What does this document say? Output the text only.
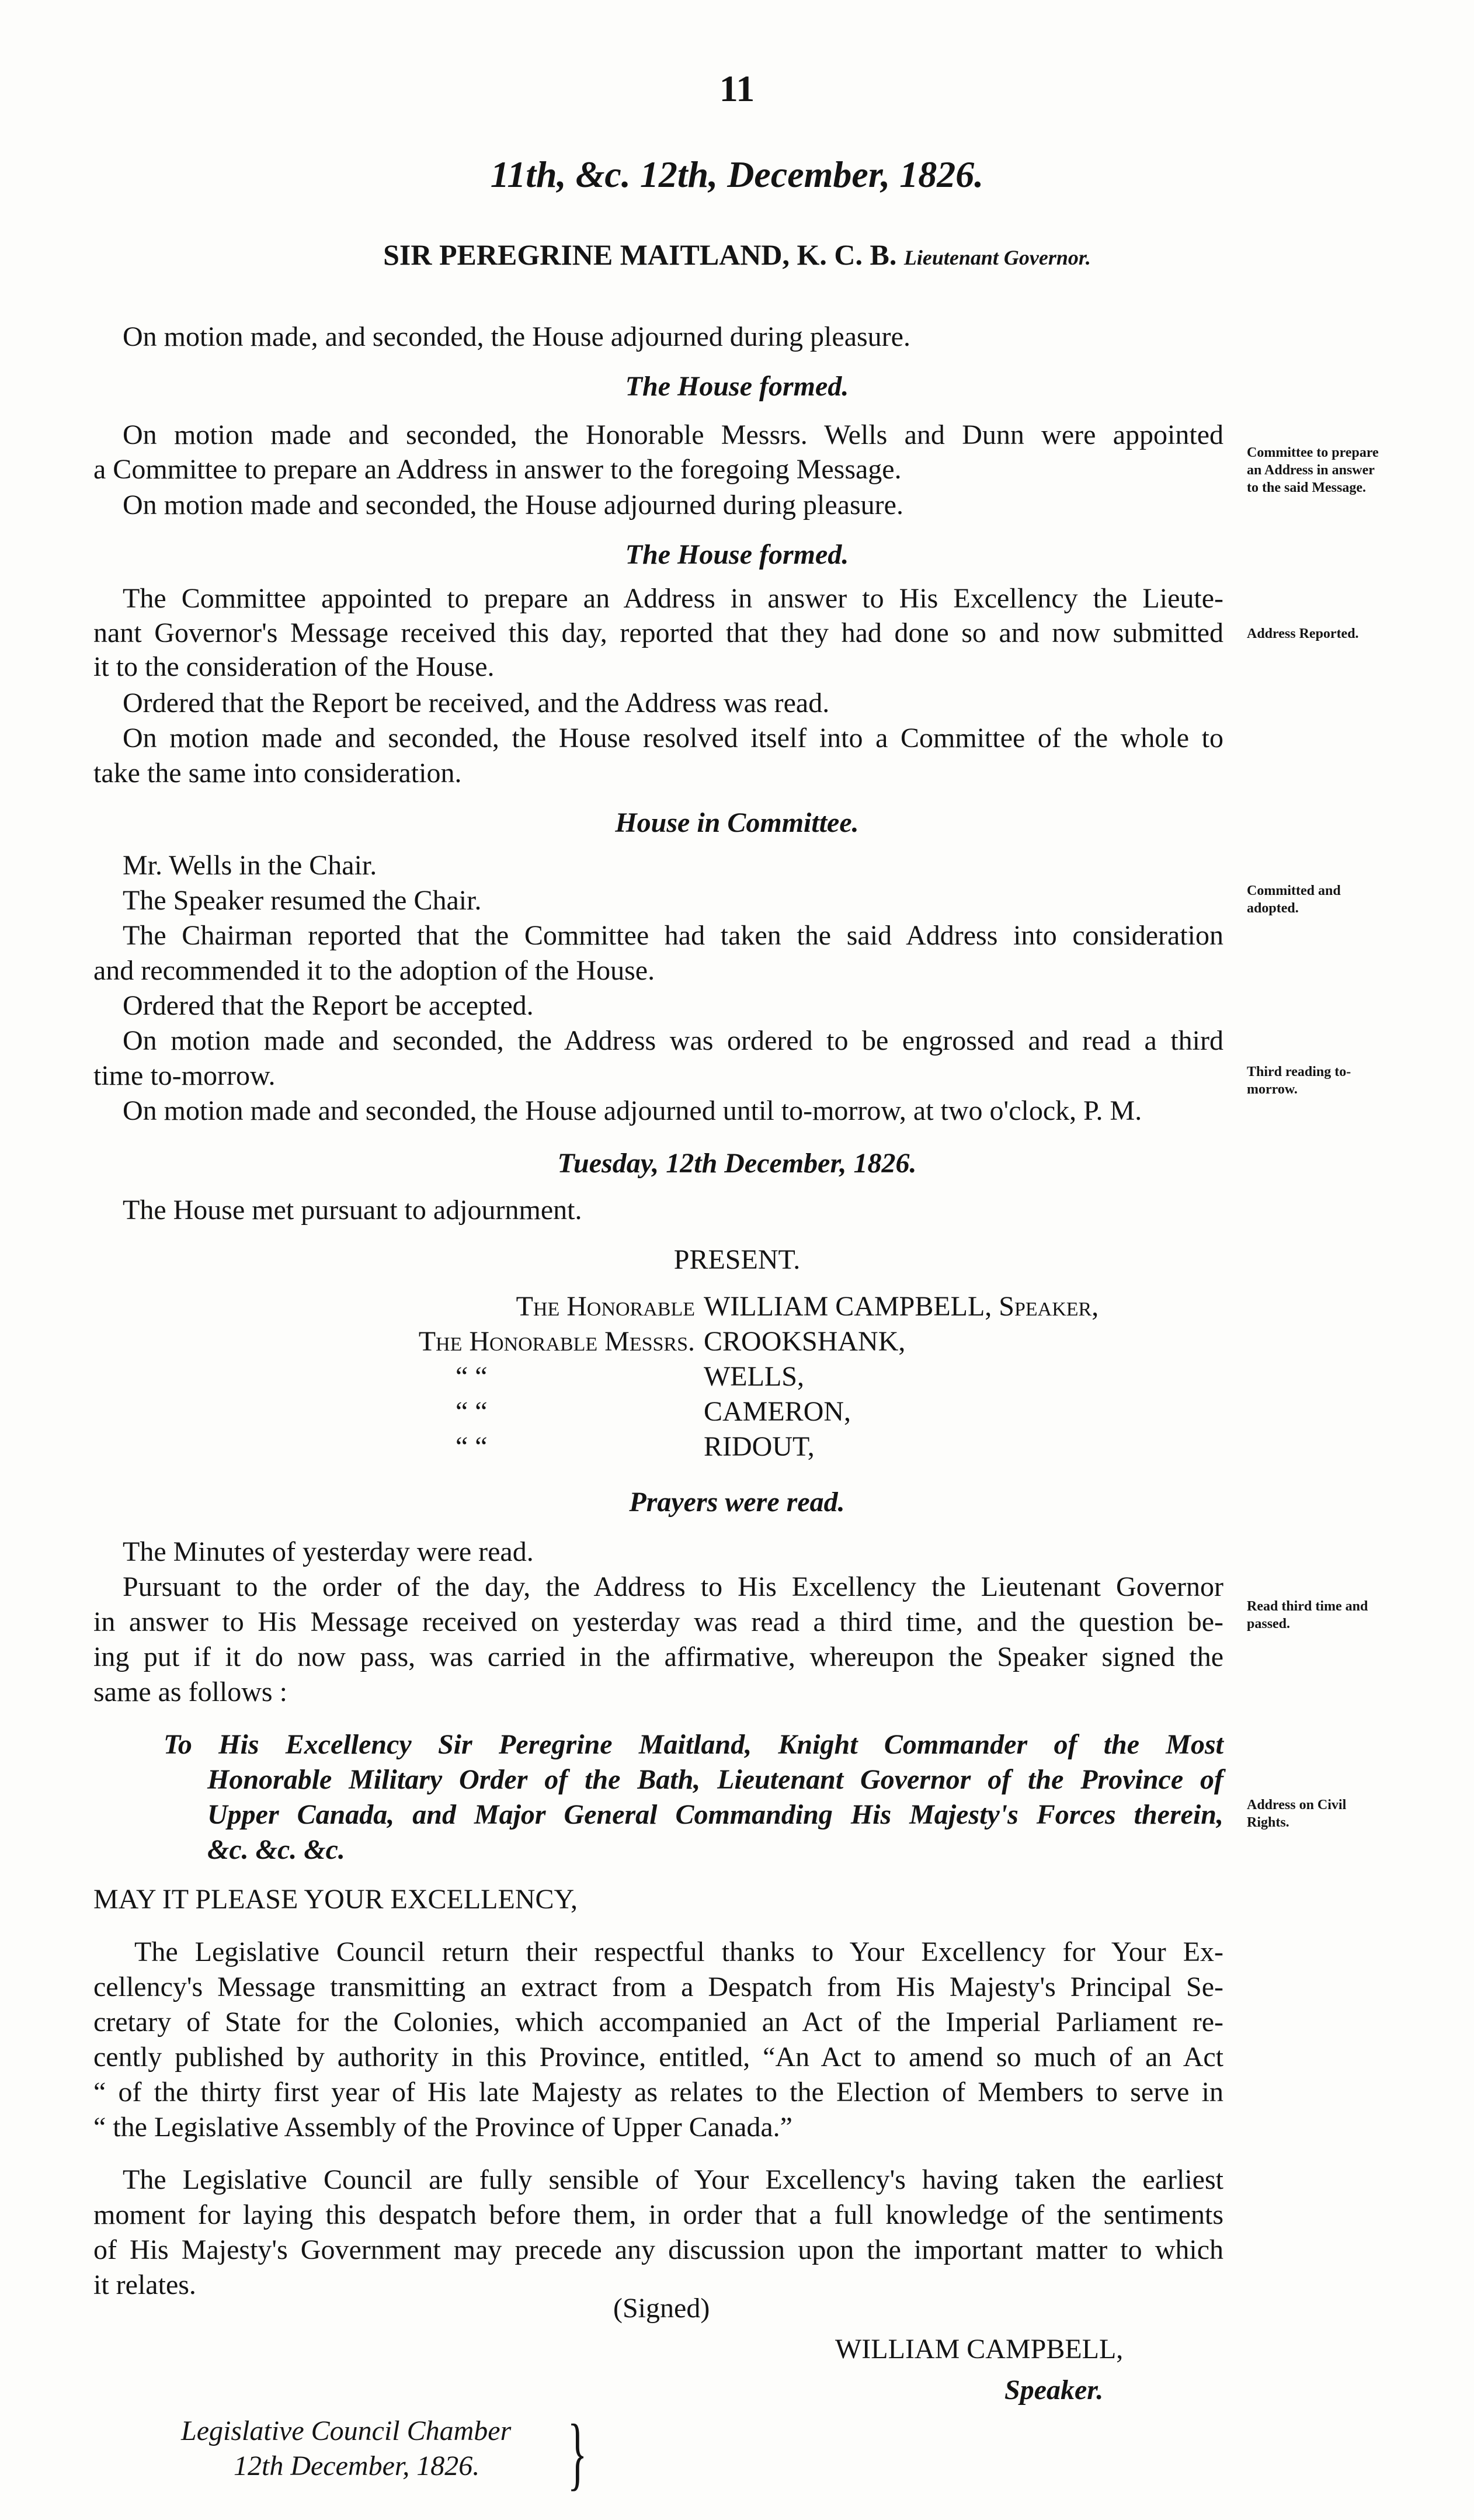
11
11th, &c. 12th, December, 1826.
SIR PEREGRINE MAITLAND, K. C. B. Lieutenant Governor.
On motion made, and seconded, the House adjourned during pleasure.
The House formed.
On motion made and seconded, the Honorable Messrs. Wells and Dunn were appointed
a Committee to prepare an Address in answer to the foregoing Message.
On motion made and seconded, the House adjourned during pleasure.
The House formed.
The Committee appointed to prepare an Address in answer to His Excellency the Lieute-
nant Governor's Message received this day, reported that they had done so and now submitted
it to the consideration of the House.
Ordered that the Report be received, and the Address was read.
On motion made and seconded, the House resolved itself into a Committee of the whole to
take the same into consideration.
House in Committee.
Mr. Wells in the Chair.
The Speaker resumed the Chair.
The Chairman reported that the Committee had taken the said Address into consideration
and recommended it to the adoption of the House.
Ordered that the Report be accepted.
On motion made and seconded, the Address was ordered to be engrossed and read a third
time to-morrow.
On motion made and seconded, the House adjourned until to-morrow, at two o'clock, P. M.
Tuesday, 12th December, 1826.
The House met pursuant to adjournment.
PRESENT.
The Honorable WILLIAM CAMPBELL, Speaker,
The Honorable Messrs. CROOKSHANK,
“ “	WELLS,
“ “	CAMERON,
“ “	RIDOUT,
Prayers were read.
The Minutes of yesterday were read.
Pursuant to the order of the day, the Address to His Excellency the Lieutenant Governor
in answer to His Message received on yesterday was read a third time, and the question be-
ing put if it do now pass, was carried in the affirmative, whereupon the Speaker signed the
same as follows :
To His Excellency Sir Peregrine Maitland, Knight Commander of the Most
Honorable Military Order of the Bath, Lieutenant Governor of the Province of
Upper Canada, and Major General Commanding His Majesty's Forces therein,
&c. &c. &c.
MAY IT PLEASE YOUR EXCELLENCY,
The Legislative Council return their respectful thanks to Your Excellency for Your Ex-
cellency's Message transmitting an extract from a Despatch from His Majesty's Principal Se-
cretary of State for the Colonies, which accompanied an Act of the Imperial Parliament re-
cently published by authority in this Province, entitled, “An Act to amend so much of an Act
“ of the thirty first year of His late Majesty as relates to the Election of Members to serve in
“ the Legislative Assembly of the Province of Upper Canada.”
The Legislative Council are fully sensible of Your Excellency's having taken the earliest
moment for laying this despatch before them, in order that a full knowledge of the sentiments
of His Majesty's Government may precede any discussion upon the important matter to which
it relates.
(Signed)
WILLIAM CAMPBELL,
Speaker.
Legislative Council Chamber
12th December, 1826. }
Committee to prepare
an Address in answer
to the said Message.
Address Reported.
Committed and
adopted.
Third reading to-
morrow.
Read third time and
passed.
Address on Civil
Rights.
